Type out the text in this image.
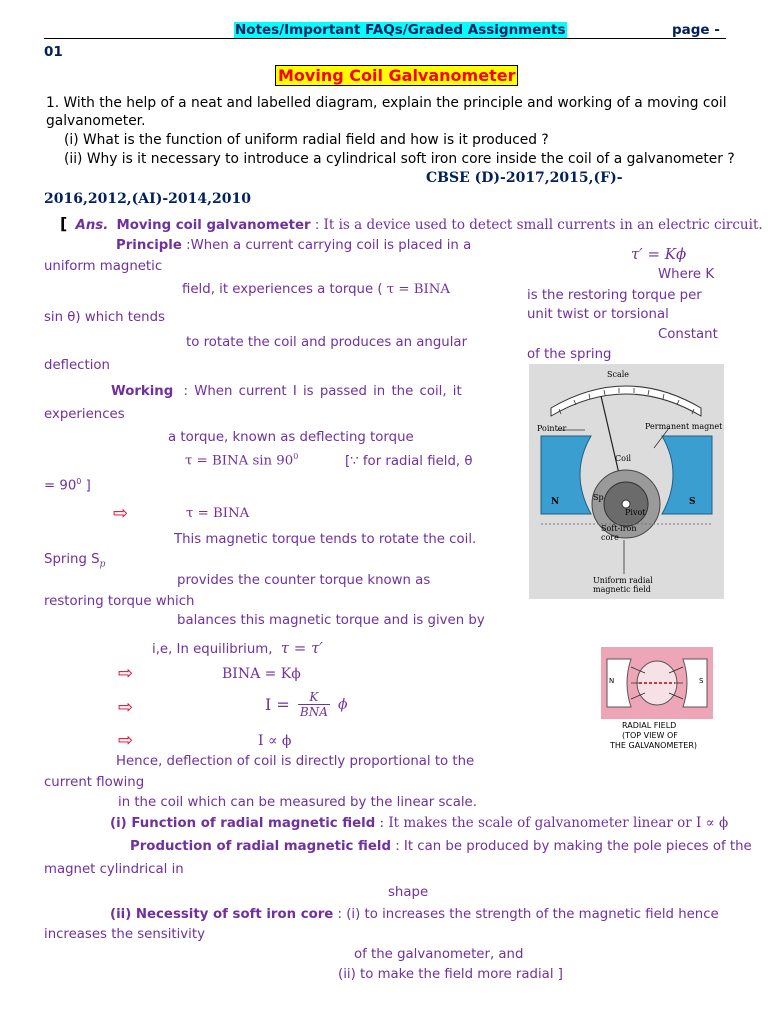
Notes/Important FAQs/Graded Assignments	page -
01
Moving Coil Galvanometer
1. With the help of a neat and labelled diagram, explain the principle and working of a moving coil
galvanometer.
(i) What is the function of uniform radial field and how is it produced ?
(ii) Why is it necessary to introduce a cylindrical soft iron core inside the coil of a galvanometer ?
CBSE (D)-2017,2015,(F)-
2016,2012,(AI)-2014,2010
[ Ans. Moving coil galvanometer : It is a device used to detect small currents in an electric circuit.
Principle :When a current carrying coil is placed in a
uniform magnetic
field, it experiences a torque ( τ = BINA
sin θ) which tends
to rotate the coil and produces an angular
deflection
τ′ = Kϕ
Where K
is the restoring torque per
unit twist or torsional
Constant
of the spring
Scale
Pointer	Permanent magnet
Coil
Sp
Pivot
Soft-iron core
N	S
Uniform radial
magnetic field
N	S
RADIAL FIELD
(TOP VIEW OF
THE GALVANOMETER)
Working : When current I is passed in the coil, it
experiences
a torque, known as deflecting torque
τ = BINA $\sin 90^0$	[∵ for radial field, θ
= $90^0$ ]
⇨	τ = BINA
This magnetic torque tends to rotate the coil.
Spring $S_p$
provides the counter torque known as
restoring torque which
balances this magnetic torque and is given by
i,e, In equilibrium, τ = τ′
⇨	BINA = Kϕ
⇨	I =	K
BNA ϕ
⇨	I ∝ ϕ
Hence, deflection of coil is directly proportional to the
current flowing
in the coil which can be measured by the linear scale.
(i) Function of radial magnetic field : It makes the scale of galvanometer linear or I ∝ ϕ
Production of radial magnetic field : It can be produced by making the pole pieces of the
magnet cylindrical in
shape
(ii) Necessity of soft iron core : (i) to increases the strength of the magnetic field hence
increases the sensitivity
of the galvanometer, and
(ii) to make the field more radial ]
